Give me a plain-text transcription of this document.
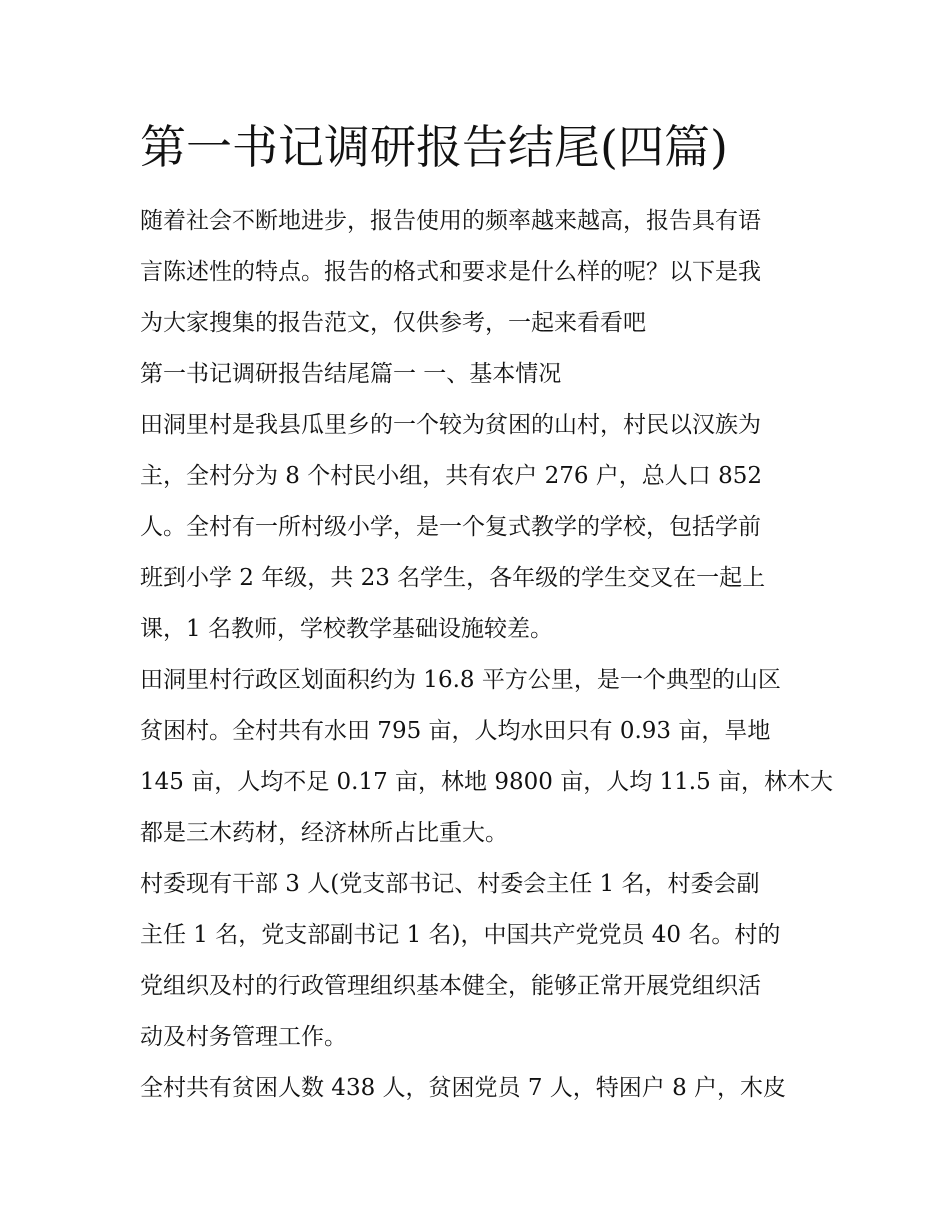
第一书记调研报告结尾(四篇)

随着社会不断地进步，报告使用的频率越来越高，报告具有语

言陈述性的特点。报告的格式和要求是什么样的呢？以下是我

为大家搜集的报告范文，仅供参考，一起来看看吧

第一书记调研报告结尾篇一 一、基本情况

田洞里村是我县瓜里乡的一个较为贫困的山村，村民以汉族为

主，全村分为 8 个村民小组，共有农户 276 户，总人口 852

人。全村有一所村级小学，是一个复式教学的学校，包括学前

班到小学 2 年级，共 23 名学生，各年级的学生交叉在一起上

课，1 名教师，学校教学基础设施较差。

田洞里村行政区划面积约为 16.8 平方公里，是一个典型的山区

贫困村。全村共有水田 795 亩，人均水田只有 0.93 亩，旱地

145 亩，人均不足 0.17 亩，林地 9800 亩，人均 11.5 亩，林木大

都是三木药材，经济林所占比重大。

村委现有干部 3 人(党支部书记、村委会主任 1 名，村委会副

主任 1 名，党支部副书记 1 名)，中国共产党党员 40 名。村的

党组织及村的行政管理组织基本健全，能够正常开展党组织活

动及村务管理工作。

全村共有贫困人数 438 人，贫困党员 7 人，特困户 8 户，木皮
